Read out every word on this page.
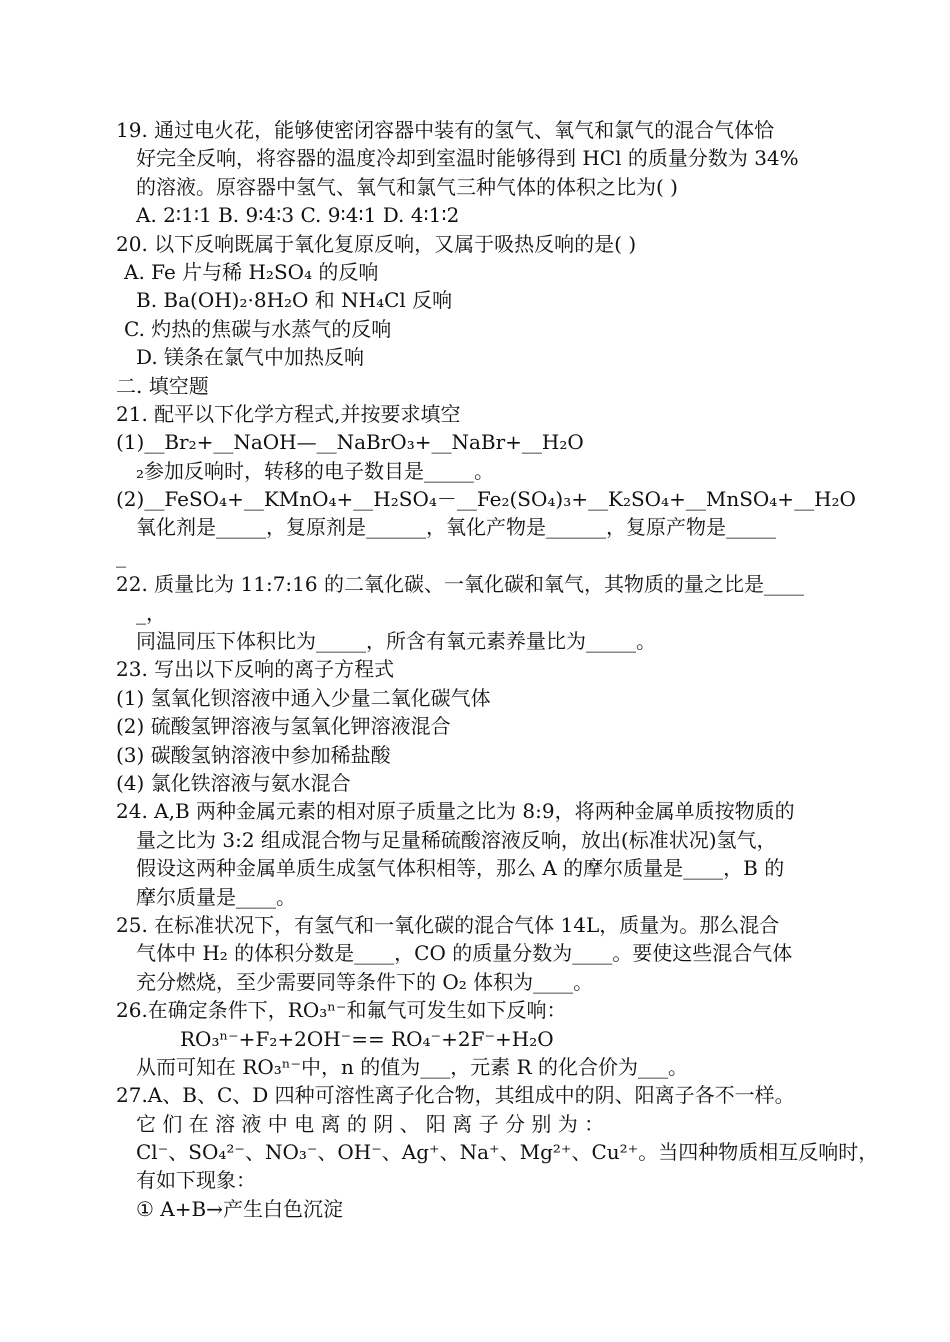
19. 通过电火花，能够使密闭容器中装有的氢气、氧气和氯气的混合气体恰
好完全反响，将容器的温度冷却到室温时能够得到 HCl 的质量分数为 34%
的溶液。原容器中氢气、氧气和氯气三种气体的体积之比为( )
A. 2∶1∶1 B. 9∶4∶3 C. 9∶4∶1 D. 4∶1∶2
20. 以下反响既属于氧化复原反响，又属于吸热反响的是( )
A. Fe 片与稀 H₂SO₄ 的反响
B. Ba(OH)₂·8H₂O 和 NH₄Cl 反响
C. 灼热的焦碳与水蒸气的反响
D. 镁条在氯气中加热反响
二. 填空题
21. 配平以下化学方程式,并按要求填空
(1)__Br₂+__NaOH—__NaBrO₃+__NaBr+__H₂O
₂参加反响时，转移的电子数目是_____。
(2)__FeSO₄+__KMnO₄+__H₂SO₄－__Fe₂(SO₄)₃+__K₂SO₄+__MnSO₄+__H₂O
氧化剂是_____，复原剂是______，氧化产物是______，复原产物是_____
_
22. 质量比为 11:7:16 的二氧化碳、一氧化碳和氧气，其物质的量之比是____
_，
同温同压下体积比为_____，所含有氧元素养量比为_____。
23. 写出以下反响的离子方程式
(1) 氢氧化钡溶液中通入少量二氧化碳气体
(2) 硫酸氢钾溶液与氢氧化钾溶液混合
(3) 碳酸氢钠溶液中参加稀盐酸
(4) 氯化铁溶液与氨水混合
24. A,B 两种金属元素的相对原子质量之比为 8:9，将两种金属单质按物质的
量之比为 3:2 组成混合物与足量稀硫酸溶液反响，放出(标准状况)氢气，
假设这两种金属单质生成氢气体积相等，那么 A 的摩尔质量是____，B 的
摩尔质量是____。
25. 在标准状况下，有氢气和一氧化碳的混合气体 14L，质量为。那么混合
气体中 H₂ 的体积分数是____，CO 的质量分数为____。要使这些混合气体
充分燃烧，至少需要同等条件下的 O₂ 体积为____。
26.在确定条件下，RO₃ⁿ⁻和氟气可发生如下反响：
RO₃ⁿ⁻+F₂+2OH⁻== RO₄⁻+2F⁻+H₂O
从而可知在 RO₃ⁿ⁻中，n 的值为___，元素 R 的化合价为___。
27.A、B、C、D 四种可溶性离子化合物，其组成中的阴、阳离子各不一样。
它 们 在 溶 液 中 电 离 的 阴 、 阳 离 子 分 别 为 ：
Cl⁻、SO₄²⁻、NO₃⁻、OH⁻、Ag⁺、Na⁺、Mg²⁺、Cu²⁺。当四种物质相互反响时，
有如下现象：
① A+B→产生白色沉淀
